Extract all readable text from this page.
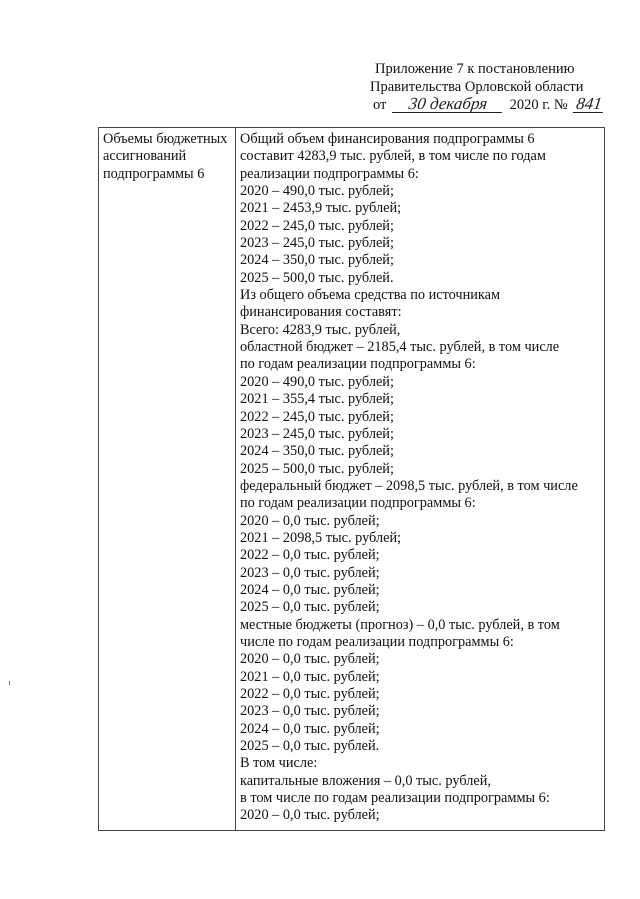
Приложение 7 к постановлению
Правительства Орловской области
от 30 декабря 2020 г. № 841
Объемы бюджетных
ассигнований
подпрограммы 6

Общий объем финансирования подпрограммы 6
составит 4283,9 тыс. рублей, в том числе по годам
реализации подпрограммы 6:
2020 – 490,0 тыс. рублей;
2021 – 2453,9 тыс. рублей;
2022 – 245,0 тыс. рублей;
2023 – 245,0 тыс. рублей;
2024 – 350,0 тыс. рублей;
2025 – 500,0 тыс. рублей.
Из общего объема средства по источникам
финансирования составят:
Всего: 4283,9 тыс. рублей,
областной бюджет – 2185,4 тыс. рублей, в том числе
по годам реализации подпрограммы 6:
2020 – 490,0 тыс. рублей;
2021 – 355,4 тыс. рублей;
2022 – 245,0 тыс. рублей;
2023 – 245,0 тыс. рублей;
2024 – 350,0 тыс. рублей;
2025 – 500,0 тыс. рублей;
федеральный бюджет – 2098,5 тыс. рублей, в том числе
по годам реализации подпрограммы 6:
2020 – 0,0 тыс. рублей;
2021 – 2098,5 тыс. рублей;
2022 – 0,0 тыс. рублей;
2023 – 0,0 тыс. рублей;
2024 – 0,0 тыс. рублей;
2025 – 0,0 тыс. рублей;
местные бюджеты (прогноз) – 0,0 тыс. рублей, в том
числе по годам реализации подпрограммы 6:
2020 – 0,0 тыс. рублей;
2021 – 0,0 тыс. рублей;
2022 – 0,0 тыс. рублей;
2023 – 0,0 тыс. рублей;
2024 – 0,0 тыс. рублей;
2025 – 0,0 тыс. рублей.
В том числе:
капитальные вложения – 0,0 тыс. рублей,
в том числе по годам реализации подпрограммы 6:
2020 – 0,0 тыс. рублей;
